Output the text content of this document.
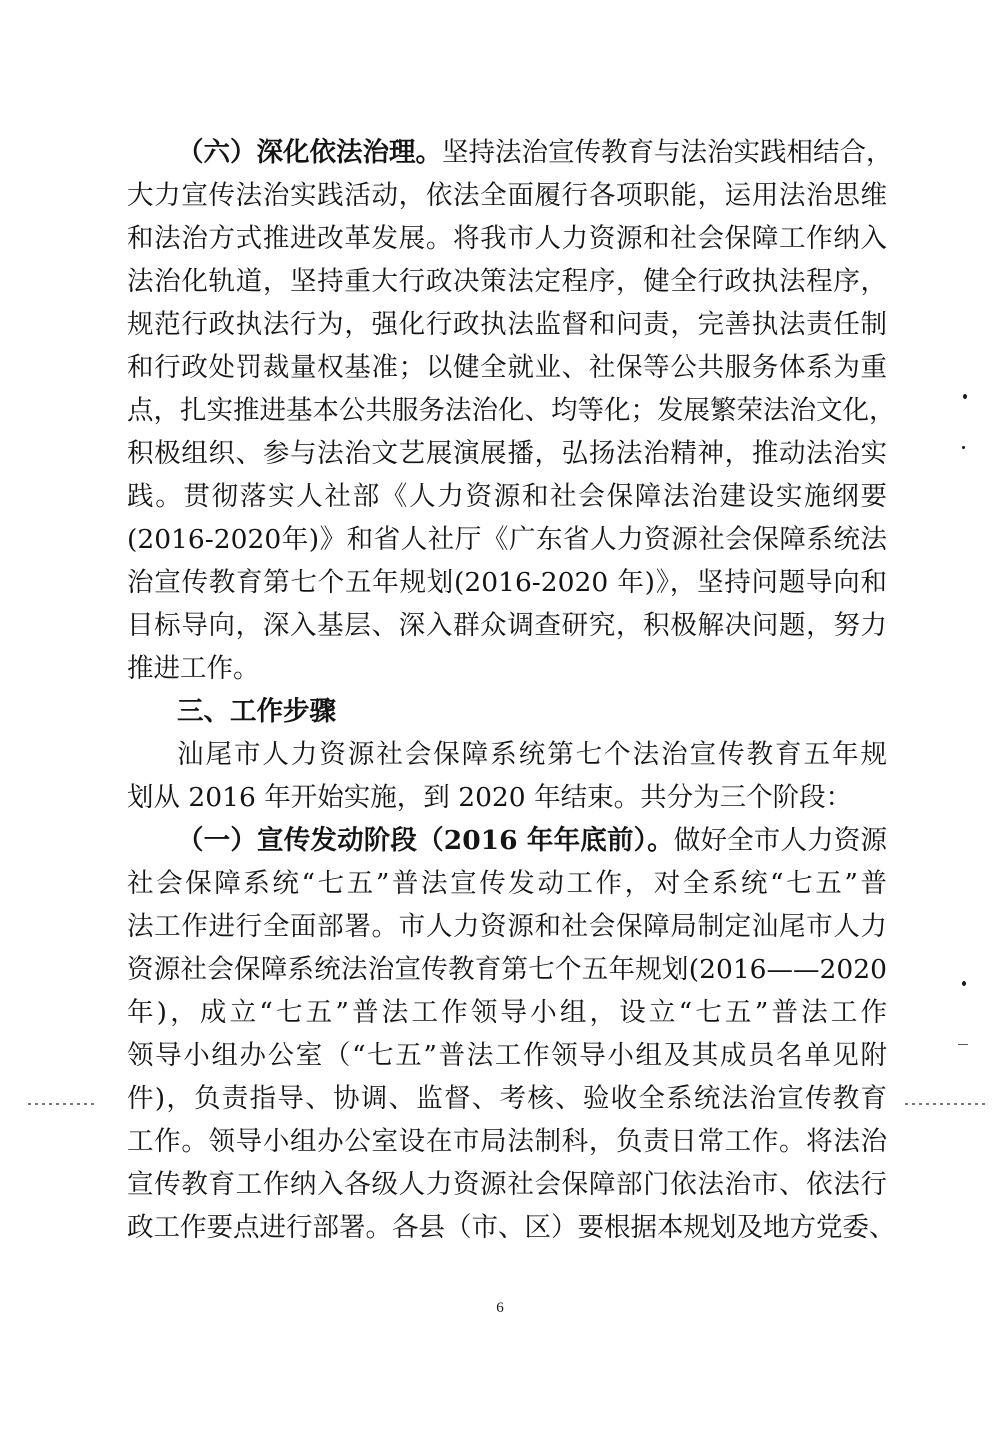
（六）深化依法治理。坚持法治宣传教育与法治实践相结合，
大力宣传法治实践活动，依法全面履行各项职能，运用法治思维
和法治方式推进改革发展。将我市人力资源和社会保障工作纳入
法治化轨道，坚持重大行政决策法定程序，健全行政执法程序，
规范行政执法行为，强化行政执法监督和问责，完善执法责任制
和行政处罚裁量权基准；以健全就业、社保等公共服务体系为重
点，扎实推进基本公共服务法治化、均等化；发展繁荣法治文化，
积极组织、参与法治文艺展演展播，弘扬法治精神，推动法治实
践。贯彻落实人社部《人力资源和社会保障法治建设实施纲要
(2016-2020年)》和省人社厅《广东省人力资源社会保障系统法
治宣传教育第七个五年规划(2016-2020 年)》，坚持问题导向和
目标导向，深入基层、深入群众调查研究，积极解决问题，努力
推进工作。
三、工作步骤
汕尾市人力资源社会保障系统第七个法治宣传教育五年规
划从 2016 年开始实施，到 2020 年结束。共分为三个阶段：
（一）宣传发动阶段（2016 年年底前）。做好全市人力资源
社会保障系统“七五”普法宣传发动工作，对全系统“七五”普
法工作进行全面部署。市人力资源和社会保障局制定汕尾市人力
资源社会保障系统法治宣传教育第七个五年规划(2016——2020
年)，成立“七五”普法工作领导小组，设立“七五”普法工作
领导小组办公室（“七五”普法工作领导小组及其成员名单见附
件)，负责指导、协调、监督、考核、验收全系统法治宣传教育
工作。领导小组办公室设在市局法制科，负责日常工作。将法治
宣传教育工作纳入各级人力资源社会保障部门依法治市、依法行
政工作要点进行部署。各县（市、区）要根据本规划及地方党委、
6
